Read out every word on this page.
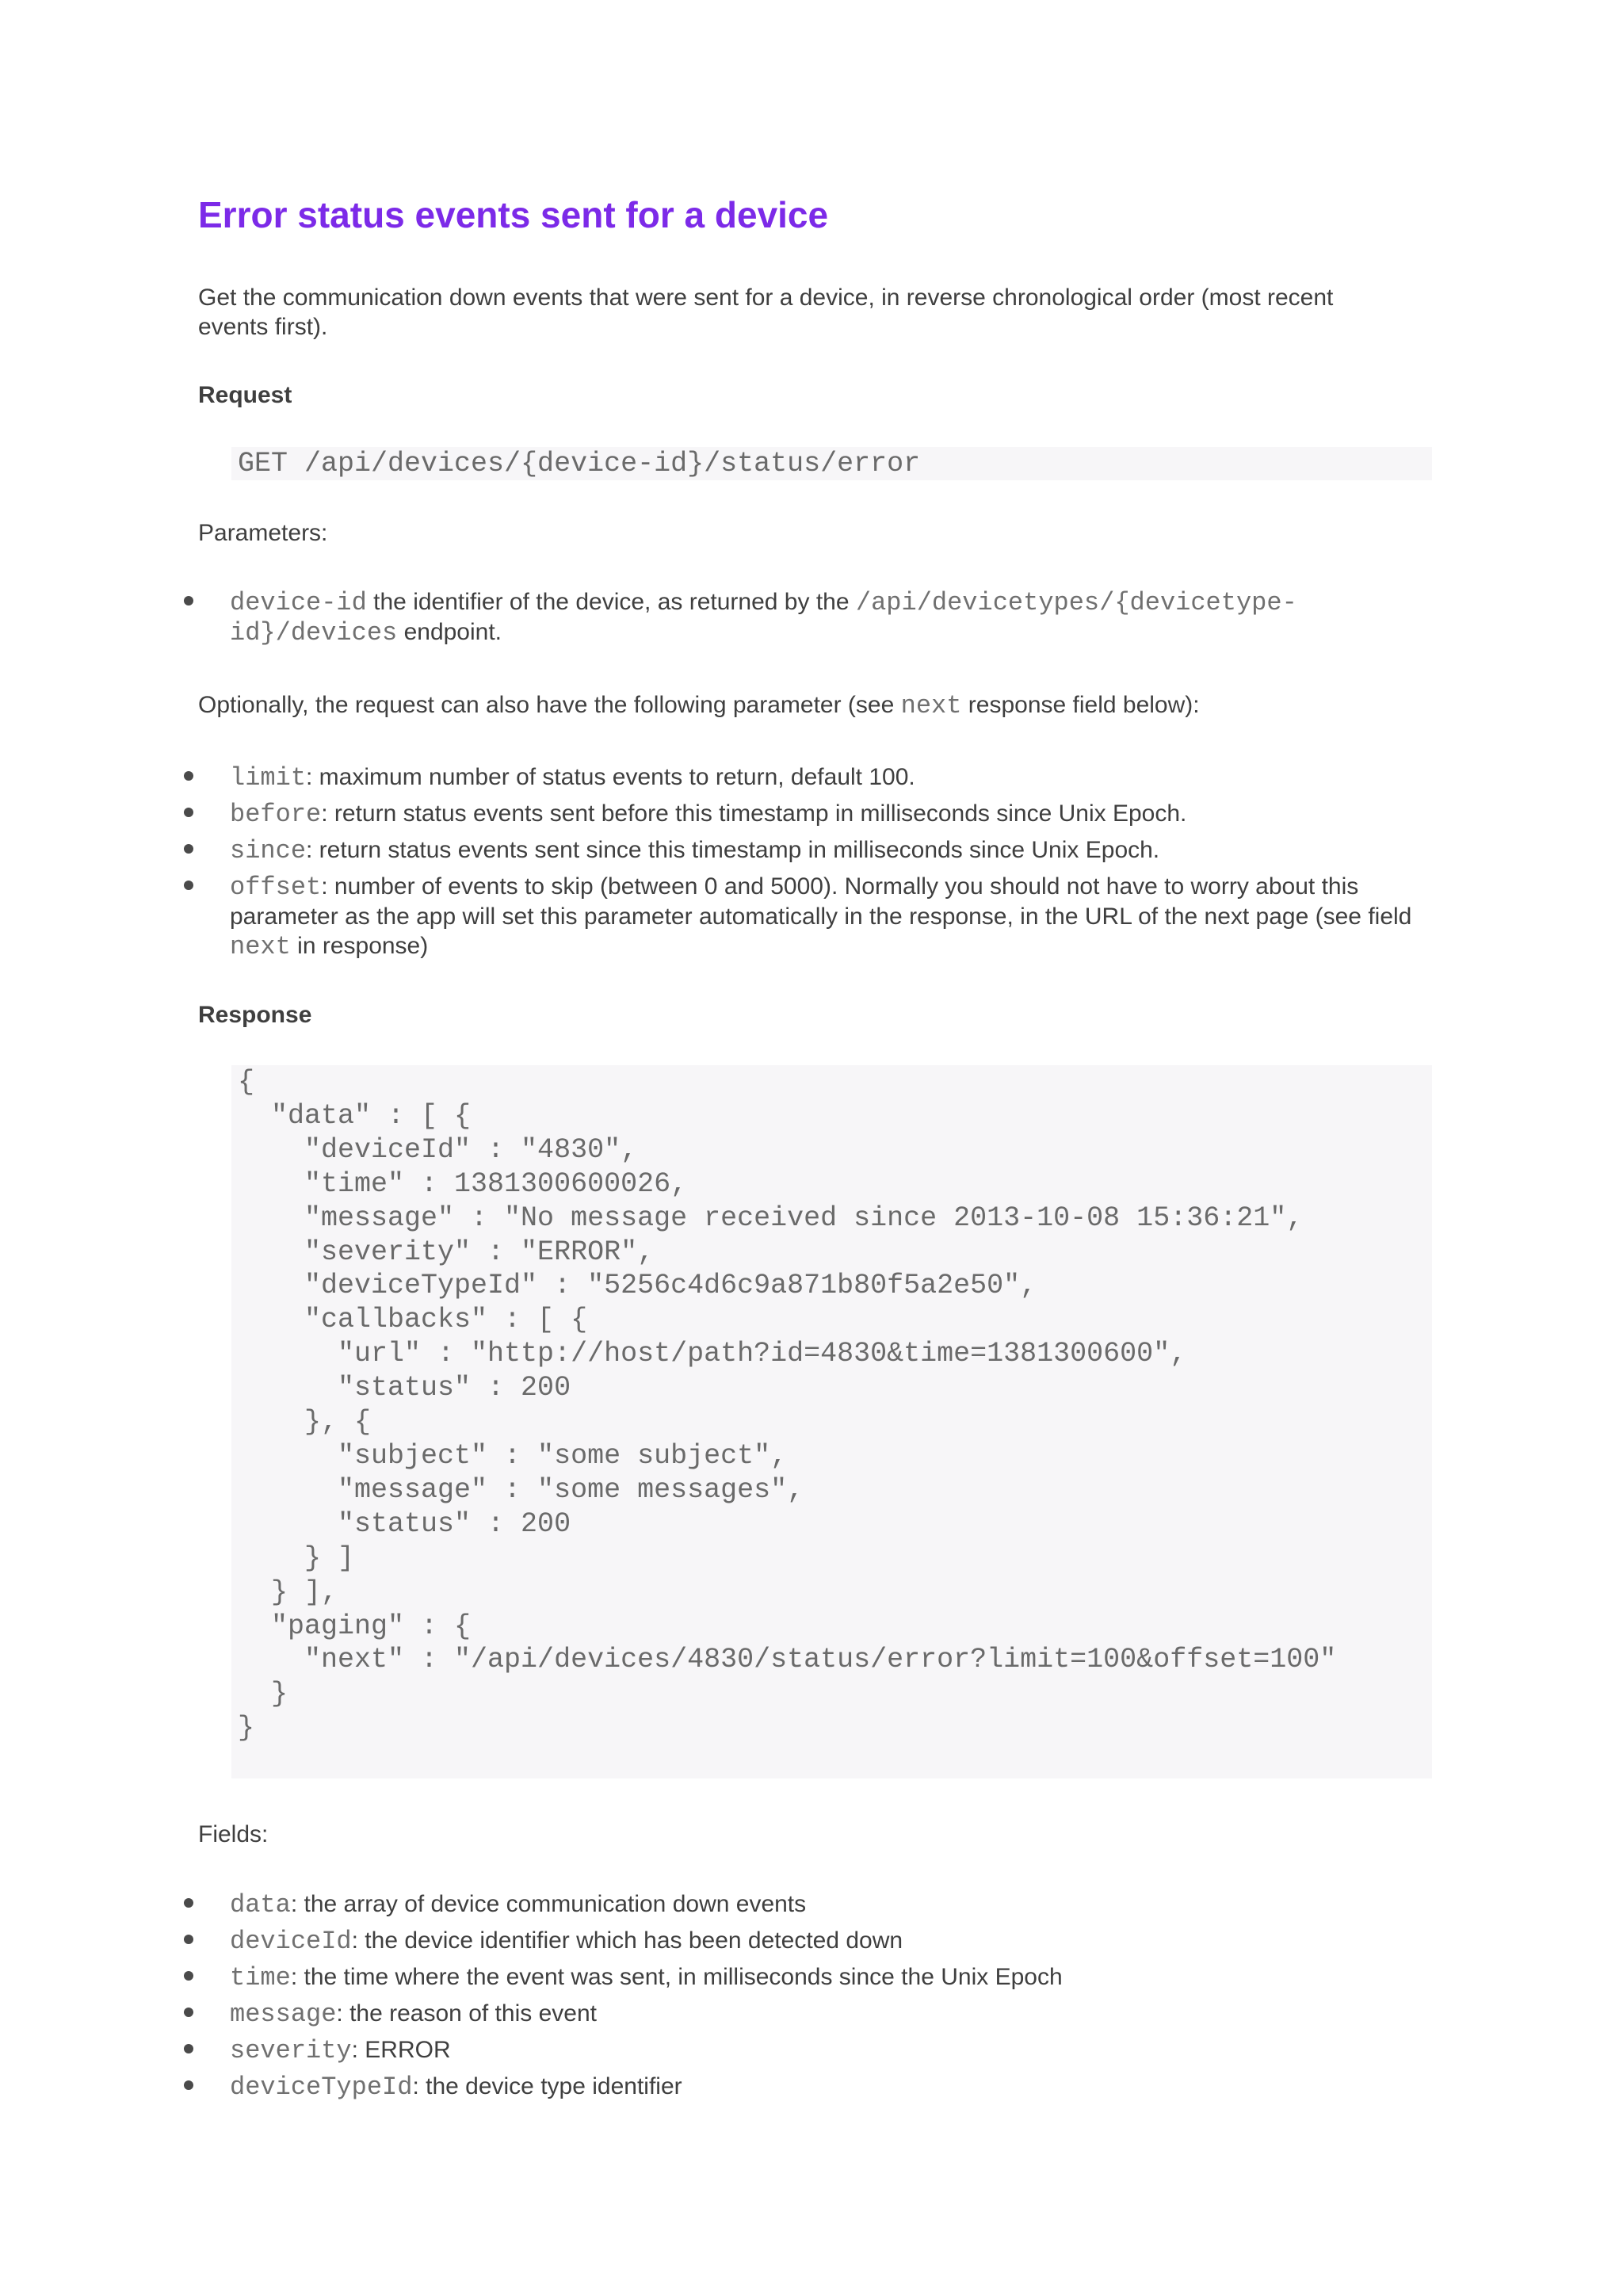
Error status events sent for a device

Get the communication down events that were sent for a device, in reverse chronological order (most recent events first).

Request

GET /api/devices/{device-id}/status/error

Parameters:

device-id the identifier of the device, as returned by the /api/devicetypes/{devicetype-id}/devices endpoint.

Optionally, the request can also have the following parameter (see next response field below):

limit: maximum number of status events to return, default 100.
before: return status events sent before this timestamp in milliseconds since Unix Epoch.
since: return status events sent since this timestamp in milliseconds since Unix Epoch.
offset: number of events to skip (between 0 and 5000). Normally you should not have to worry about this parameter as the app will set this parameter automatically in the response, in the URL of the next page (see field next in response)

Response

{
"data" : [ {
"deviceId" : "4830",
"time" : 1381300600026,
"message" : "No message received since 2013-10-08 15:36:21",
"severity" : "ERROR",
"deviceTypeId" : "5256c4d6c9a871b80f5a2e50",
"callbacks" : [ {
"url" : "http://host/path?id=4830&time=1381300600",
"status" : 200
}, {
"subject" : "some subject",
"message" : "some messages",
"status" : 200
} ]
} ],
"paging" : {
"next" : "/api/devices/4830/status/error?limit=100&offset=100"
}
}

Fields:

data: the array of device communication down events
deviceId: the device identifier which has been detected down
time: the time where the event was sent, in milliseconds since the Unix Epoch
message: the reason of this event
severity: ERROR
deviceTypeId: the device type identifier
